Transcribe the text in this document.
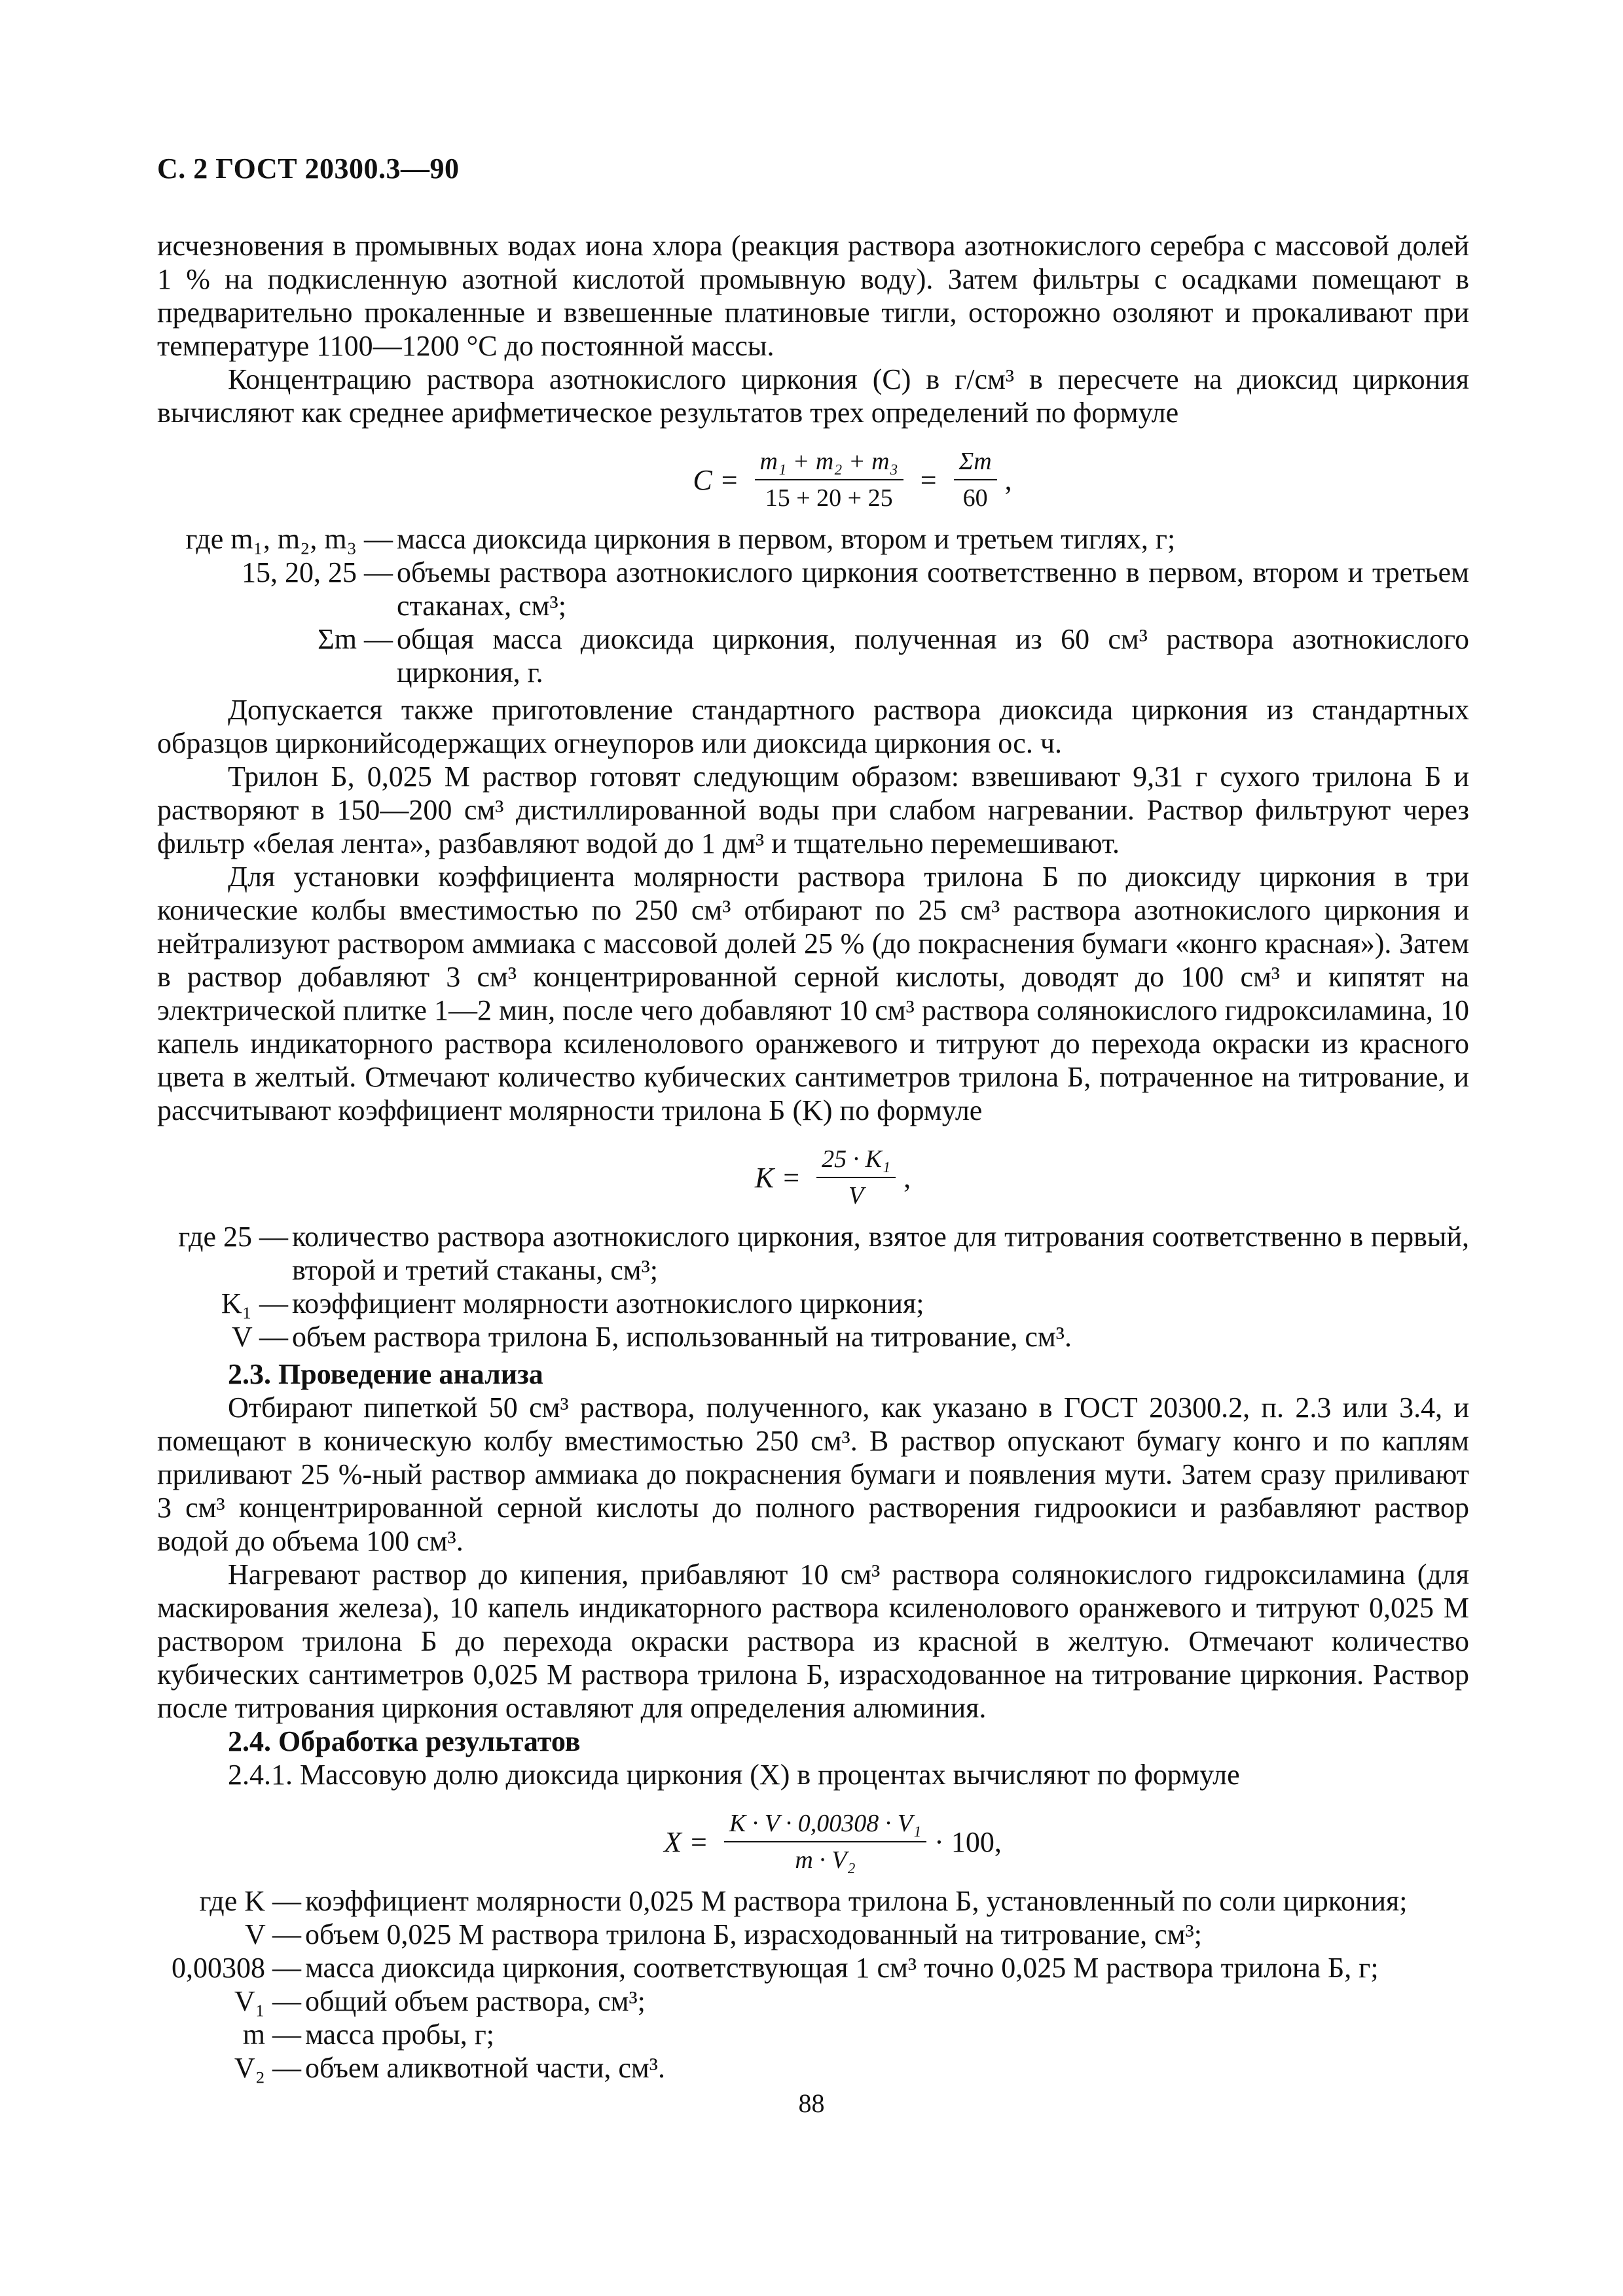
С. 2 ГОСТ 20300.3—90

исчезновения в промывных водах иона хлора (реакция раствора азотнокислого серебра с массовой долей 1 % на подкисленную азотной кислотой промывную воду). Затем фильтры с осадками помещают в предварительно прокаленные и взвешенные платиновые тигли, осторожно озоляют и прокаливают при температуре 1100—1200 °C до постоянной массы.

Концентрацию раствора азотнокислого циркония (C) в г/см³ в пересчете на диоксид циркония вычисляют как среднее арифметическое результатов трех определений по формуле

$C = \frac{\text{m₁ + m₂ + m₃}}{15 + 20 + 25} = \frac{\Sigma m}{60}$ ,
где m₁, m₂, m₃ —	масса диоксида циркония в первом, втором и третьем тиглях, г;
15, 20, 25 —	объемы раствора азотнокислого циркония соответственно в первом, втором и третьем стаканах, см³;
Σm —	общая масса диоксида циркония, полученная из 60 см³ раствора азотнокислого циркония, г.

Допускается также приготовление стандартного раствора диоксида циркония из стандартных образцов цирконийсодержащих огнеупоров или диоксида циркония ос. ч.

Трилон Б, 0,025 М раствор готовят следующим образом: взвешивают 9,31 г сухого трилона Б и растворяют в 150—200 см³ дистиллированной воды при слабом нагревании. Раствор фильтруют через фильтр «белая лента», разбавляют водой до 1 дм³ и тщательно перемешивают.

Для установки коэффициента молярности раствора трилона Б по диоксиду циркония в три конические колбы вместимостью по 250 см³ отбирают по 25 см³ раствора азотнокислого циркония и нейтрализуют раствором аммиака с массовой долей 25 % (до покраснения бумаги «конго красная»). Затем в раствор добавляют 3 см³ концентрированной серной кислоты, доводят до 100 см³ и кипятят на электрической плитке 1—2 мин, после чего добавляют 10 см³ раствора солянокислого гидроксиламина, 10 капель индикаторного раствора ксиленолового оранжевого и титруют до перехода окраски из красного цвета в желтый. Отмечают количество кубических сантиметров трилона Б, потраченное на титрование, и рассчитывают коэффициент молярности трилона Б (K) по формуле

$K = \frac{\text{25 · K₁}}{V}$ ,
где 25 —	количество раствора азотнокислого циркония, взятое для титрования соответственно в первый, второй и третий стаканы, см³;
K₁ —	коэффициент молярности азотнокислого циркония;
V —	объем раствора трилона Б, использованный на титрование, см³.

2.3. Проведение анализа

Отбирают пипеткой 50 см³ раствора, полученного, как указано в ГОСТ 20300.2, п. 2.3 или 3.4, и помещают в коническую колбу вместимостью 250 см³. В раствор опускают бумагу конго и по каплям приливают 25 %-ный раствор аммиака до покраснения бумаги и появления мути. Затем сразу приливают 3 см³ концентрированной серной кислоты до полного растворения гидроокиси и разбавляют раствор водой до объема 100 см³.

Нагревают раствор до кипения, прибавляют 10 см³ раствора солянокислого гидроксиламина (для маскирования железа), 10 капель индикаторного раствора ксиленолового оранжевого и титруют 0,025 М раствором трилона Б до перехода окраски раствора из красной в желтую. Отмечают количество кубических сантиметров 0,025 М раствора трилона Б, израсходованное на титрование циркония. Раствор после титрования циркония оставляют для определения алюминия.

2.4. Обработка результатов

2.4.1. Массовую долю диоксида циркония (X) в процентах вычисляют по формуле

$X = \frac{\text{K · V · 0,00308 · V₁}}{\text{m · V₂}} \cdot 100$,
где K —	коэффициент молярности 0,025 М раствора трилона Б, установленный по соли циркония;
V —	объем 0,025 М раствора трилона Б, израсходованный на титрование, см³;
0,00308 —	масса диоксида циркония, соответствующая 1 см³ точно 0,025 М раствора трилона Б, г;
V₁ —	общий объем раствора, см³;
m —	масса пробы, г;
V₂ —	объем аликвотной части, см³.
88
